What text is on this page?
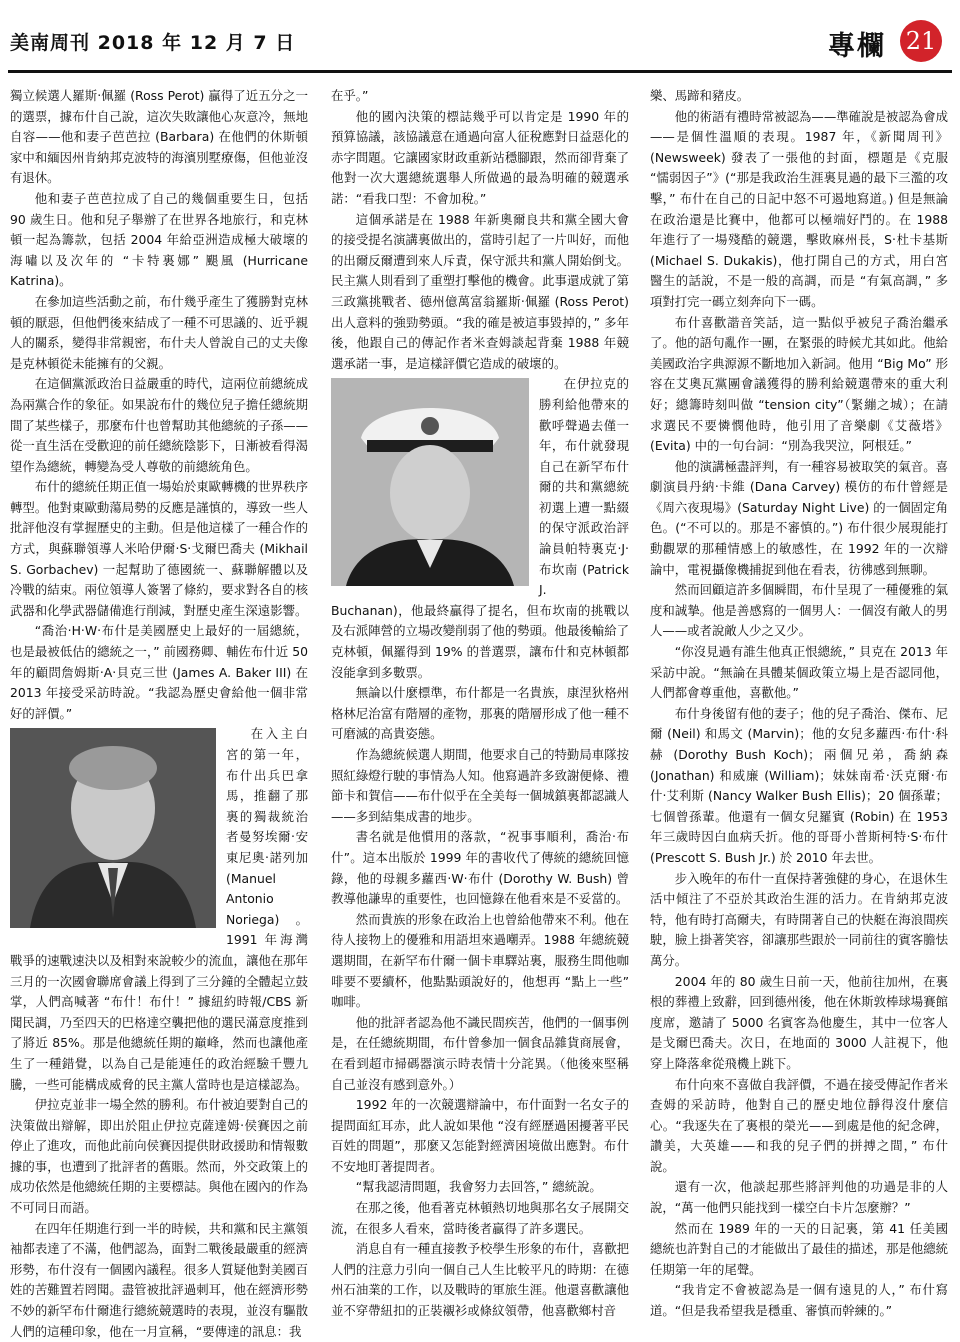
美南周刊 2018 年 12 月 7 日	專欄 21

獨立候選人羅斯‧佩羅 (Ross Perot) 贏得了近五分之一的選票，據布什自己說，這次失敗讓他心灰意冷，無地自容——他和妻子芭芭拉 (Barbara) 在他們的休斯頓家中和緬因州肯納邦克波特的海濱別墅療傷，但他並沒有退休。

他和妻子芭芭拉成了自己的幾個重要生日，包括 90 歲生日。他和兒子舉辦了在世界各地旅行，和克林頓一起為籌款，包括 2004 年給亞洲造成極大破壞的海嘯以及次年的 “卡特裏娜” 颶風 (Hurricane Katrina)。

在參加這些活動之前，布什幾乎產生了獲勝對克林頓的厭惡，但他們後來結成了一種不可思議的、近乎親人的關系，變得非常親密，布什夫人曾說自己的丈夫像是克林頓從未能擁有的父親。

在這個黨派政治日益嚴重的時代，這兩位前總統成為兩黨合作的象征。如果說布什的幾位兒子擔任總統期間了某些樣子，那麼布什也曾幫助其他總統的子孫——從一直生活在受歡迎的前任總統陰影下，日漸被看得渴望作為總統，轉變為受人尊敬的前總統角色。

布什的總統任期正值一場始於東歐轉機的世界秩序轉型。他對東歐動蕩局勢的反應是謹慎的，導致一些人批評他沒有掌握歷史的主動。但是他這樣了一種合作的方式，與蘇聯領導人米哈伊爾‧S‧戈爾巴喬夫 (Mikhail S. Gorbachev) 一起幫助了德國統一、蘇聯解體以及冷戰的結束。兩位領導人簽署了條約，要求對各自的核武器和化學武器儲備進行削減，對歷史產生深遠影響。

“喬治‧H‧W‧布什是美國歷史上最好的一屆總統，也是最被低估的總統之一，” 前國務卿、輔佐布什近 50 年的顧問詹姆斯‧A‧貝克三世 (James A. Baker III) 在 2013 年接受采訪時說。“我認為歷史會給他一個非常好的評價。”

在入主白宮的第一年，布什出兵巴拿馬，推翻了那裏的獨裁統治者曼努埃爾‧安東尼奧‧諾列加 (Manuel Antonio Noriega)。1991 年海灣戰爭的速戰速決以及相對來說較少的流血，讓他在那年三月的一次國會聯席會議上得到了三分鐘的全體起立鼓掌，人們高喊著 “布什！布什！” 據紐約時報/CBS 新聞民調，乃至四天的巴格達空襲把他的選民滿意度推到了將近 85%。那是他總統任期的巔峰，然而也讓他產生了一種錯覺，以為自己是能連任的政治經驗千豐九騰，一些可能構成威脅的民主黨人當時也是這樣認為。

伊拉克並非一場全然的勝利。布什被迫要對自己的決策做出辯解，即出於阻止伊拉克薩達姆‧侯賽因之前停止了進攻，而他此前向侯賽因提供財政援助和情報數據的事，也遭到了批評者的舊賬。然而，外交政策上的成功依然是他總統任期的主要標誌。與他在國內的作為不可同日而語。

在四年任期進行到一半的時候，共和黨和民主黨領袖都表達了不滿，他們認為，面對二戰後最嚴重的經濟形勢，布什沒有一個國內議程。很多人質疑他對美國百姓的苦難置若罔聞。盡管被批評過刺耳，他在經濟形勢不妙的新罕布什爾進行總統競選時的表現，並沒有驅散人們的這種印象，他在一月宣稱，“要傳達的訊息：我

在乎。”

他的國內決策的標誌幾乎可以肯定是 1990 年的預算協議，該協議意在通過向富人征稅應對日益惡化的赤字問題。它讓國家財政重新站穩腳跟，然而卻背棄了他對一次大選總統選舉人所做過的最為明確的競選承諾：“看我口型：不會加稅。”

這個承諾是在 1988 年新奧爾良共和黨全國大會的接受提名演講裏做出的，當時引起了一片叫好，而他的出爾反爾遭到來人斥責，保守派共和黨人開始倒戈。民主黨人則看到了重塑打擊他的機會。此事還成就了第三政黨挑戰者、德州億萬富翁羅斯‧佩羅 (Ross Perot) 出人意料的強勁勢頭。“我的確是被這事毀掉的，” 多年後，他跟自己的傳記作者米查姆談起背棄 1988 年競選承諾一事，是這樣評價它造成的破壞的。

在伊拉克的勝利給他帶來的歡呼聲過去僅一年，布什就發現自己在新罕布什爾的共和黨總統初選上遭一點綴的保守派政治評論員帕特裏克‧J‧布坎南 (Patrick J. Buchanan)，他最終贏得了提名，但布坎南的挑戰以及右派陣營的立場改變削弱了他的勢頭。他最後輸給了克林頓，佩羅得到 19% 的普選票，讓布什和克林頓都沒能拿到多數票。

無論以什麼標準，布什都是一名貴族，康涅狄格州格林尼治富有階層的產物，那裏的階層形成了他一種不可磨滅的高貴姿態。

作為總統候選人期間，他要求自己的特勤局車隊按照紅綠燈行駛的事情為人知。他寫過許多致謝便條、禮節卡和賀信——布什似乎在全美每一個城鎮裏都認識人——多到結集成書的地步。

書名就是他慣用的落款，“祝事事順利，喬治‧布什”。這本出版於 1999 年的書收代了傳統的總統回憶錄，他的母親多蘿西‧W‧布什 (Dorothy W. Bush) 曾教導他謙卑的重要性，也回憶錄在他看來是不妥當的。

然而貴族的形象在政治上也曾給他帶來不利。他在待人接物上的優雅和用語坦來過嘲弄。1988 年總統競選期間，在新罕布什爾一個卡車驛站裏，服務生問他咖啡要不要續杯，他點點頭說好的，他想再 “點上一些” 咖啡。

他的批評者認為他不識民間疾苦，他們的一個事例是，在任總統期間，布什曾參加一個食品雜貨商展會，在看到超市掃碼器演示時表情十分詫異。（他後來堅稱自己並沒有感到意外。）

1992 年的一次競選辯論中，布什面對一名女子的提問面紅耳赤，此人說如果他 “沒有經歷過困擾著平民百姓的問題”，那麼又怎能對經濟困境做出應對。布什不安地盯著提問者。

“幫我認清問題，我會努力去回答，” 總統說。

在那之後，他看著克林頓熱切地與那名女子展開交流，在很多人看來，當時後者贏得了許多選民。

消息自有一種直接教予校學生形象的布什，喜歡把人們的注意力引向一個自己人生比較平凡的時期：在德州石油業的工作，以及戰時的軍旅生涯。他還喜歡讓他並不穿帶紐扣的正裝襯衫或條紋領帶，他喜歡鄉村音

樂、馬蹄和豬皮。

他的術語有禮時常被認為——準確說是被認為會成——是個性溫順的表現。1987 年，《新聞周刊》(Newsweek) 發表了一張他的封面，標題是《克服 “懦弱因子”》(“那是我政治生涯裏見過的最下三濫的攻擊，” 布什在自己的日記中怒不可遏地寫道。) 但是無論在政治還是比賽中，他都可以極端好鬥的。在 1988 年進行了一場殘酷的競選，擊敗麻州長，S‧杜卡基斯 (Michael S. Dukakis)，他打開自己的方式，用白宮醫生的話說，不是一般的高調，而是 “有氣高調，” 多項對打完一碼立刻奔向下一碼。

布什喜歡諧音笑話，這一點似乎被兒子喬治繼承了。他的語句亂作一團，在緊張的時候尤其如此。他給美國政治字典源源不斷地加入新詞。他用 “Big Mo” 形容在艾奧瓦黨團會議獲得的勝利給競選帶來的重大利好；總籌時刻叫做 “tension city”（緊繃之城）；在請求選民不要憐憫他時，他引用了音樂劇《艾薇塔》(Evita) 中的一句台詞：“別為我哭泣，阿根廷。”

他的演講極盡評判，有一種容易被取笑的氣音。喜劇演員丹納‧卡維 (Dana Carvey) 模仿的布什曾經是《周六夜現場》(Saturday Night Live) 的一個固定角色。(“不可以的。那是不審慎的。”) 布什很少展現能打動觀眾的那種情感上的敏感性，在 1992 年的一次辯論中，電視攝像機捕捉到他在看表，彷彿感到無聊。

然而回顧這許多個瞬間，布什呈現了一種優雅的氣度和誠摯。他是善感寫的一個男人：一個沒有敵人的男人——或者說敵人少之又少。

“你沒見過有誰生他真正恨總統，” 貝克在 2013 年采訪中說。“無論在具體某個政策立場上是否認同他，人們都會尊重他，喜歡他。”

布什身後留有他的妻子；他的兒子喬治、傑布、尼爾 (Neil) 和馬文 (Marvin)；他的女兒多蘿西‧布什‧科赫 (Dorothy Bush Koch)；兩個兄弟，喬納森 (Jonathan) 和威廉 (William)；妹妹南希‧沃克爾‧布什‧艾利斯 (Nancy Walker Bush Ellis)；20 個孫輩；七個曾孫輩。他還有一個女兒羅賓 (Robin) 在 1953 年三歲時因白血病夭折。他的哥哥小普斯柯特‧S‧布什 (Prescott S. Bush Jr.) 於 2010 年去世。

步入晚年的布什一直保持著強健的身心，在退休生活中傾注了不亞於其政治生涯的活力。在肯納邦克波特，他有時打高爾夫，有時開著自己的快艇在海浪間疾駛，臉上掛著笑容，卻讓那些跟於一同前往的賓客膽怯萬分。

2004 年的 80 歲生日前一天，他前往加州，在裏根的葬禮上致辭，回到德州後，他在休斯敦棒球場賽館度席，邀請了 5000 名賓客為他慶生，其中一位客人是戈爾巴喬夫。次日，在地面的 3000 人註視下，他穿上降落傘從飛機上跳下。

布什向來不喜做自我評價，不過在接受傳記作者米查姆的采訪時，他對自己的歷史地位靜得沒什麼信心。“我逐失在了裏根的榮光——到處是他的紀念碑，讚美，大英雄——和我的兒子們的拼搏之間，” 布什說。

還有一次，他談起那些將評判他的功過是非的人說，“萬一他們只能找到一樣空白卡片怎麼辦？”

然而在 1989 年的一天的日記裏，第 41 任美國總統也許對自己的才能做出了最佳的描述，那是他總統任期第一年的尾聲。

“我肯定不會被認為是一個有遠見的人，” 布什寫道。“但是我希望我是穩重、審慎而幹練的。”
